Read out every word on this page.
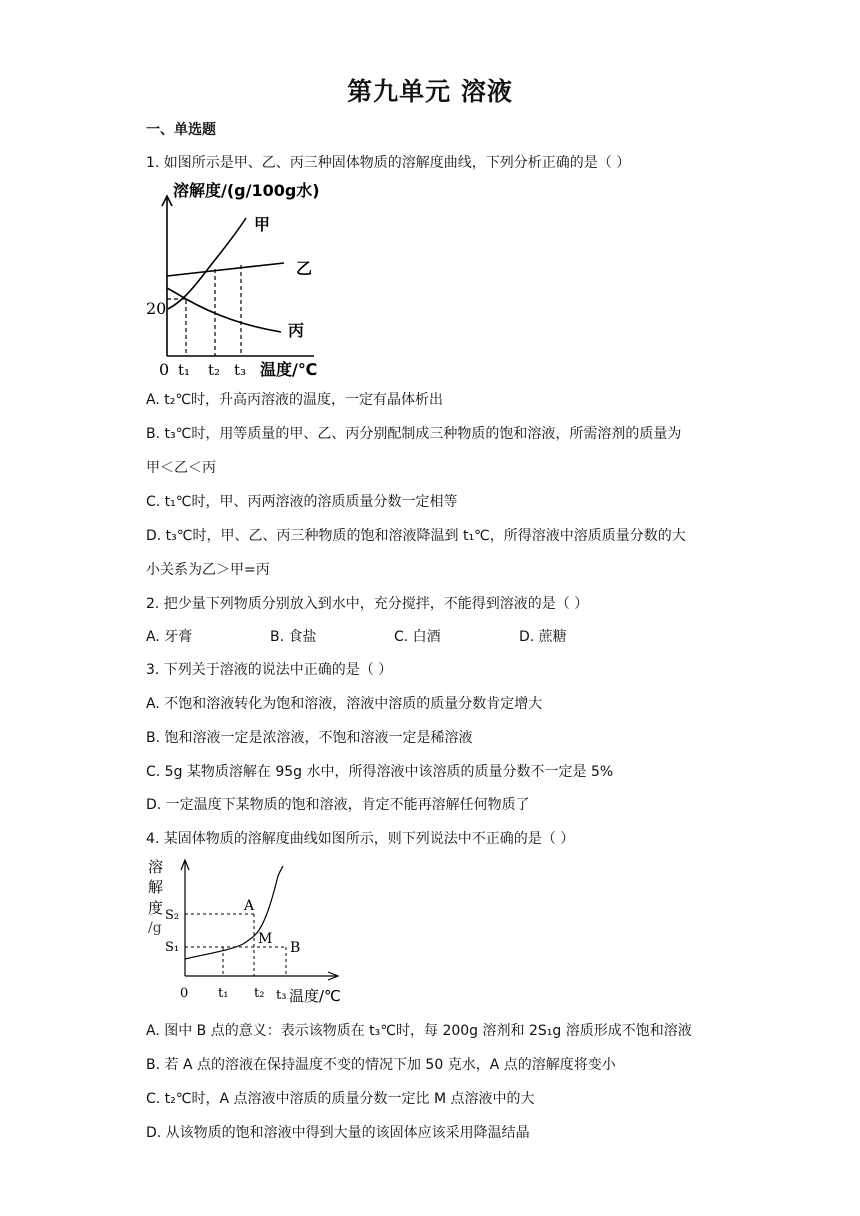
第九单元 溶液
一、单选题
1. 如图所示是甲、乙、丙三种固体物质的溶解度曲线，下列分析正确的是（ ）
溶解度/(g/100g水)
甲
乙
丙
20
0 t₁ t₂ t₃ 温度/℃
A. t₂℃时，升高丙溶液的温度，一定有晶体析出
B. t₃℃时，用等质量的甲、乙、丙分别配制成三种物质的饱和溶液，所需溶剂的质量为
甲＜乙＜丙
C. t₁℃时，甲、丙两溶液的溶质质量分数一定相等
D. t₃℃时，甲、乙、丙三种物质的饱和溶液降温到 t₁℃，所得溶液中溶质质量分数的大
小关系为乙＞甲=丙
2. 把少量下列物质分别放入到水中，充分搅拌，不能得到溶液的是（ ）
A. 牙膏	B. 食盐	C. 白酒	D. 蔗糖
3. 下列关于溶液的说法中正确的是（ ）
A. 不饱和溶液转化为饱和溶液，溶液中溶质的质量分数肯定增大
B. 饱和溶液一定是浓溶液，不饱和溶液一定是稀溶液
C. 5g 某物质溶解在 95g 水中，所得溶液中该溶质的质量分数不一定是 5%
D. 一定温度下某物质的饱和溶液，肯定不能再溶解任何物质了
4. 某固体物质的溶解度曲线如图所示，则下列说法中不正确的是（ ）
溶
解
度
/g
S₂
S₁
0 t₁ t₂ t₃ 温度/℃
A
M
B
A. 图中 B 点的意义：表示该物质在 t₃℃时，每 200g 溶剂和 2S₁g 溶质形成不饱和溶液
B. 若 A 点的溶液在保持温度不变的情况下加 50 克水，A 点的溶解度将变小
C. t₂℃时，A 点溶液中溶质的质量分数一定比 M 点溶液中的大
D. 从该物质的饱和溶液中得到大量的该固体应该采用降温结晶
